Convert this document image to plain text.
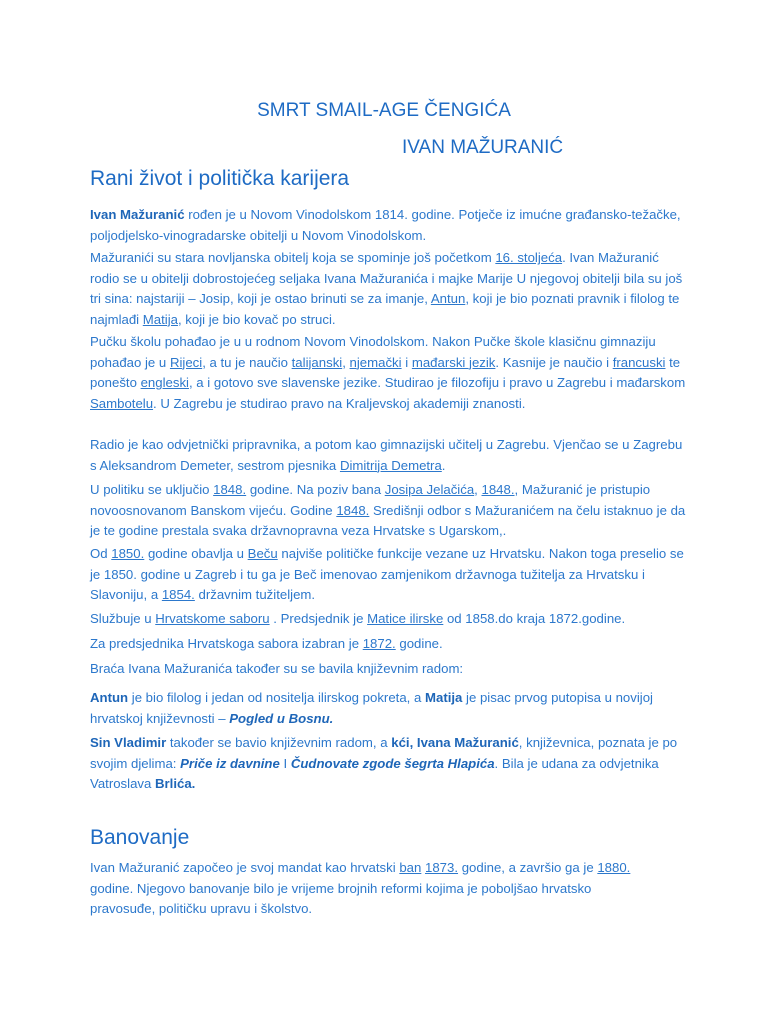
SMRT SMAIL-AGE ČENGIĆA
IVAN MAŽURANIĆ
Rani život i politička karijera

Ivan Mažuranić rođen je u Novom Vinodolskom 1814. godine. Potječe iz imućne građansko-težačke, poljodjelsko-vinogradarske obitelji u Novom Vinodolskom.

Mažuranići su stara novljanska obitelj koja se spominje još početkom 16. stoljeća. Ivan Mažuranić rodio se u obitelji dobrostojećeg seljaka Ivana Mažuranića i majke Marije U njegovoj obitelji bila su još tri sina: najstariji – Josip, koji je ostao brinuti se za imanje, Antun, koji je bio poznati pravnik i filolog te najmlađi Matija, koji je bio kovač po struci.

Pučku školu pohađao je u u rodnom Novom Vinodolskom. Nakon Pučke škole klasičnu gimnaziju pohađao je u Rijeci, a tu je naučio talijanski, njemački i mađarski jezik. Kasnije je naučio i francuski te ponešto engleski, a i gotovo sve slavenske jezike. Studirao je filozofiju i pravo u Zagrebu i mađarskom Sambotelu. U Zagrebu je studirao pravo na Kraljevskoj akademiji znanosti.

Radio je kao odvjetnički pripravnika, a potom kao gimnazijski učitelj u Zagrebu. Vjenčao se u Zagrebu s Aleksandrom Demeter, sestrom pjesnika Dimitrija Demetra.

U politiku se uključio 1848. godine. Na poziv bana Josipa Jelačića, 1848., Mažuranić je pristupio novoosnovanom Banskom vijeću. Godine 1848. Središnji odbor s Mažuranićem na čelu istaknuo je da je te godine prestala svaka državnopravna veza Hrvatske s Ugarskom,.

Od 1850. godine obavlja u Beču najviše političke funkcije vezane uz Hrvatsku. Nakon toga preselio se je 1850. godine u Zagreb i tu ga je Beč imenovao zamjenikom državnoga tužitelja za Hrvatsku i Slavoniju, a 1854. državnim tužiteljem.

Službuje u Hrvatskome saboru . Predsjednik je Matice ilirske od 1858.do kraja 1872.godine.

Za predsjednika Hrvatskoga sabora izabran je 1872. godine.

Braća Ivana Mažuranića također su se bavila književnim radom:

Antun je bio filolog i jedan od nositelja ilirskog pokreta, a Matija je pisac prvog putopisa u novijoj hrvatskoj književnosti – Pogled u Bosnu.

Sin Vladimir također se bavio književnim radom, a kći, Ivana Mažuranić, književnica, poznata je po svojim djelima: Priče iz davnine I Čudnovate zgode šegrta Hlapića. Bila je udana za odvjetnika Vatroslava Brlića.

Banovanje

Ivan Mažuranić započeo je svoj mandat kao hrvatski ban 1873. godine, a završio ga je 1880. godine. Njegovo banovanje bilo je vrijeme brojnih reformi kojima je poboljšao hrvatsko pravosuđe, političku upravu i školstvo.
